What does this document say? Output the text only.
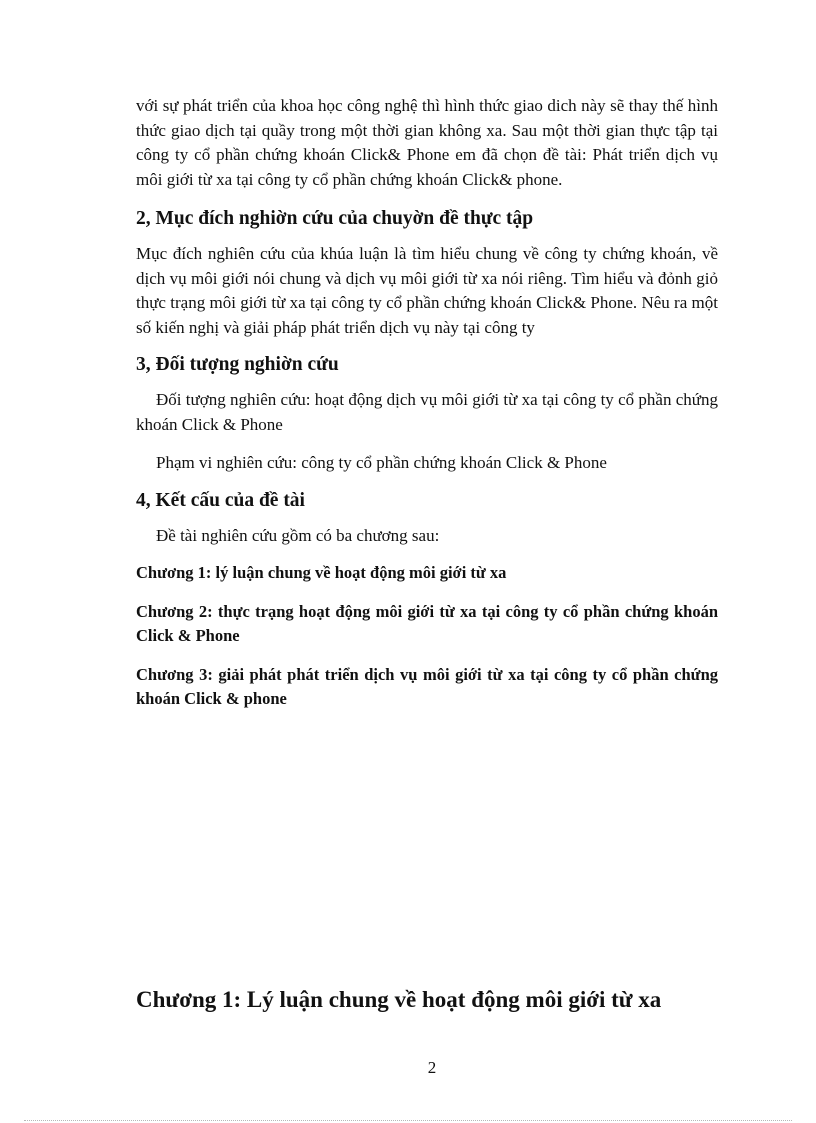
với sự phát triển của khoa học công nghệ thì hình thức giao dich này sẽ thay thế hình thức giao dịch tại quầy trong một thời gian không xa. Sau một thời gian thực tập tại công ty cổ phần chứng khoán Click& Phone em đã chọn đề tài: Phát triển dịch vụ môi giới từ xa tại công ty cổ phần chứng khoán Click& phone.

2, Mục đích nghiờn cứu của chuyờn đề thực tập

Mục đích nghiên cứu của khúa luận là tìm hiểu chung về công ty chứng khoán, về dịch vụ môi giới nói chung và dịch vụ môi giới từ xa nói riêng. Tìm hiểu và đỏnh giỏ thực trạng môi giới từ xa tại công ty cổ phần chứng khoán Click& Phone. Nêu ra một số kiến nghị và giải pháp phát triển dịch vụ này tại công ty

3, Đối tượng nghiờn cứu

Đối tượng nghiên cứu: hoạt động dịch vụ môi giới từ xa tại công ty cổ phần chứng khoán Click & Phone

Phạm vi nghiên cứu: công ty cổ phần chứng khoán Click & Phone

4, Kết cấu của đề tài

Đề tài nghiên cứu gồm có ba chương sau:

Chương 1: lý luận chung về hoạt động môi giới từ xa

Chương 2: thực trạng hoạt động môi giới từ xa tại công ty cổ phần chứng khoán Click & Phone

Chương 3: giải phát phát triển dịch vụ môi giới từ xa tại công ty cổ phần chứng khoán Click & phone

Chương 1: Lý luận chung về hoạt động môi giới từ xa

2
